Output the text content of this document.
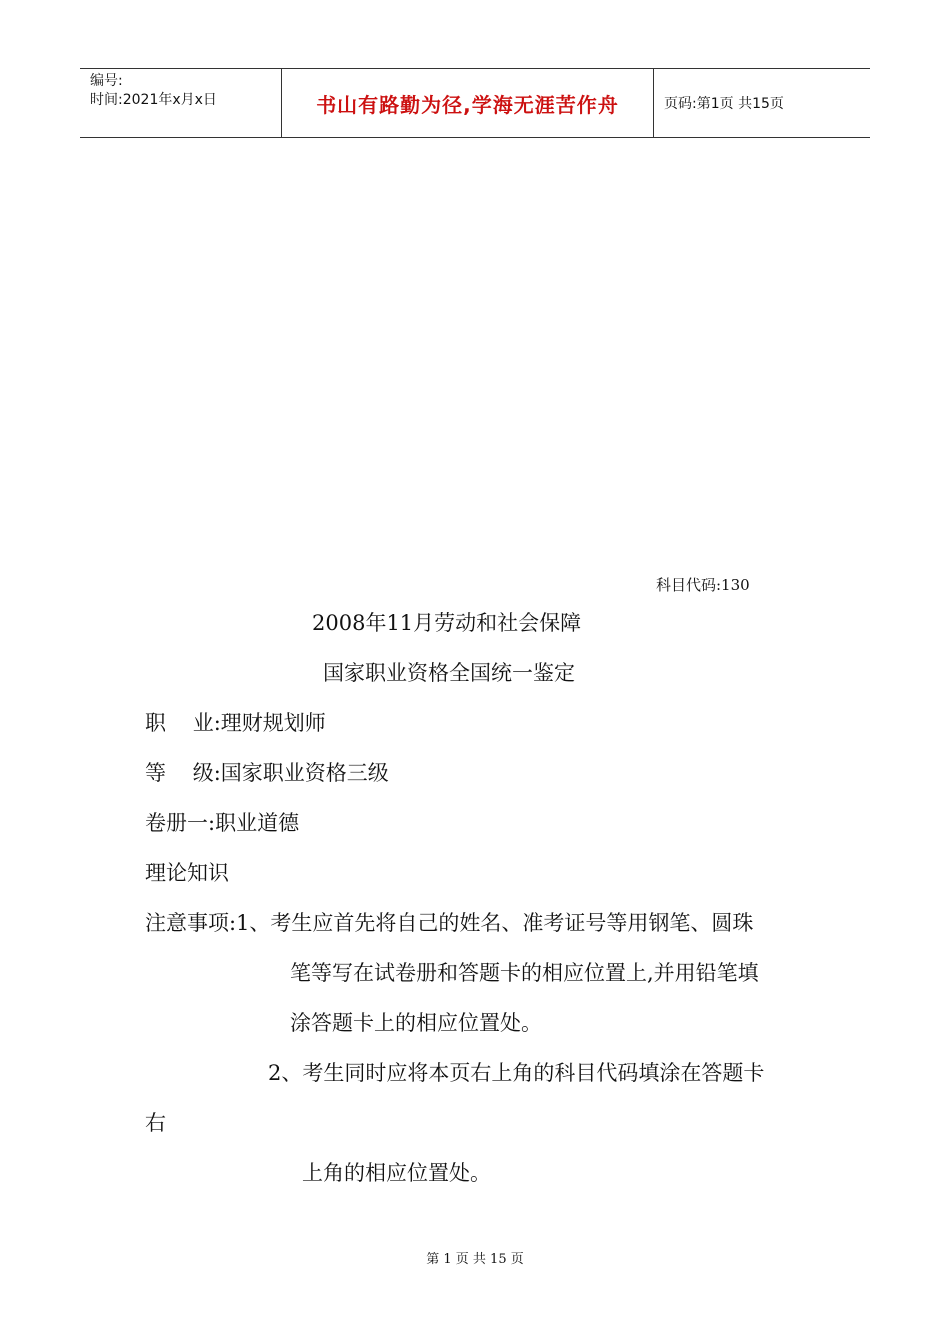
编号:
时间:2021年x月x日	书山有路勤为径,学海无涯苦作舟	页码:第1页 共15页
科目代码:130
2008年11月劳动和社会保障
国家职业资格全国统一鉴定
职    业:理财规划师
等    级:国家职业资格三级
卷册一:职业道德
理论知识
注意事项:1、考生应首先将自己的姓名、准考证号等用钢笔、圆珠
笔等写在试卷册和答题卡的相应位置上,并用铅笔填
涂答题卡上的相应位置处。
2、考生同时应将本页右上角的科目代码填涂在答题卡
右
上角的相应位置处。
第 1 页 共 15 页
